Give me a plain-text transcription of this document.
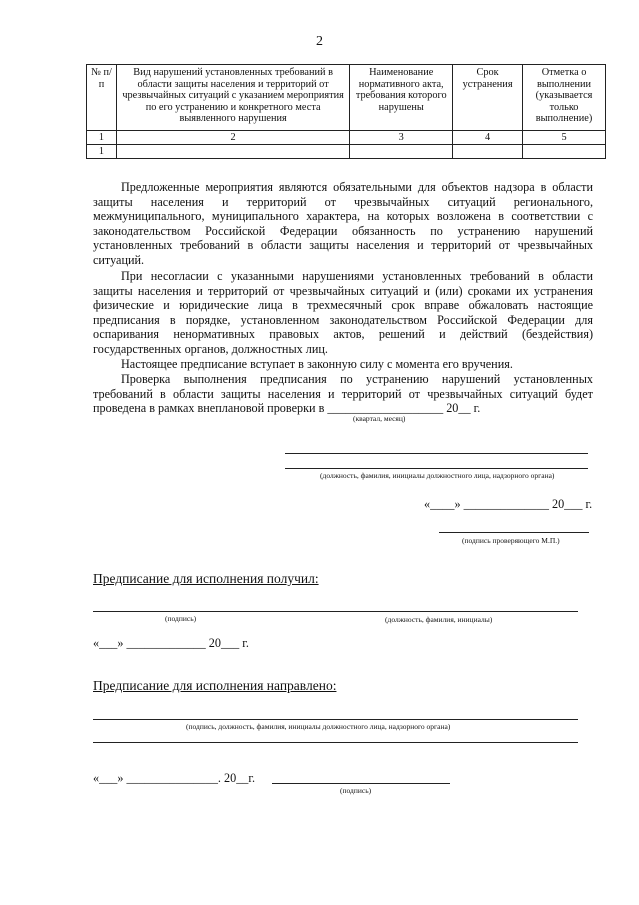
2
№ п/п	Вид нарушений установленных требований в области защиты населения и территорий от чрезвычайных ситуаций с указанием мероприятия по его устранению и конкретного места выявленного нарушения	Наименование нормативного акта, требования которого нарушены	Срок устранения	Отметка о выполнении (указывается только выполнение)
1	2	3	4	5
1				
Предложенные мероприятия являются обязательными для объектов надзора в области защиты населения и территорий от чрезвычайных ситуаций регионального, межмуниципального, муниципального характера, на которых возложена в соответствии с законодательством Российской Федерации обязанность по устранению нарушений установленных требований в области защиты населения и территорий от чрезвычайных ситуаций.
При несогласии с указанными нарушениями установленных требований в области защиты населения и территорий от чрезвычайных ситуаций и (или) сроками их устранения физические и юридические лица в трехмесячный срок вправе обжаловать настоящие предписания в порядке, установленном законодательством Российской Федерации для оспаривания ненормативных правовых актов, решений и действий (бездействия) государственных органов, должностных лиц.
Настоящее предписание вступает в законную силу с момента его вручения.
Проверка выполнения предписания по устранению нарушений установленных требований в области защиты населения и территорий от чрезвычайных ситуаций будет проведена в рамках внеплановой проверки в ___________________ 20__ г.
(квартал, месяц)
(должность, фамилия, инициалы должностного лица, надзорного органа)
«____» ______________ 20___ г.
(подпись проверяющего М.П.)
Предписание для исполнения получил:
(подпись)	(должность, фамилия, инициалы)
«___» _____________ 20___ г.
Предписание для исполнения направлено:
(подпись, должность, фамилия, инициалы должностного лица, надзорного органа)
«___» _______________. 20__г.
(подпись)
